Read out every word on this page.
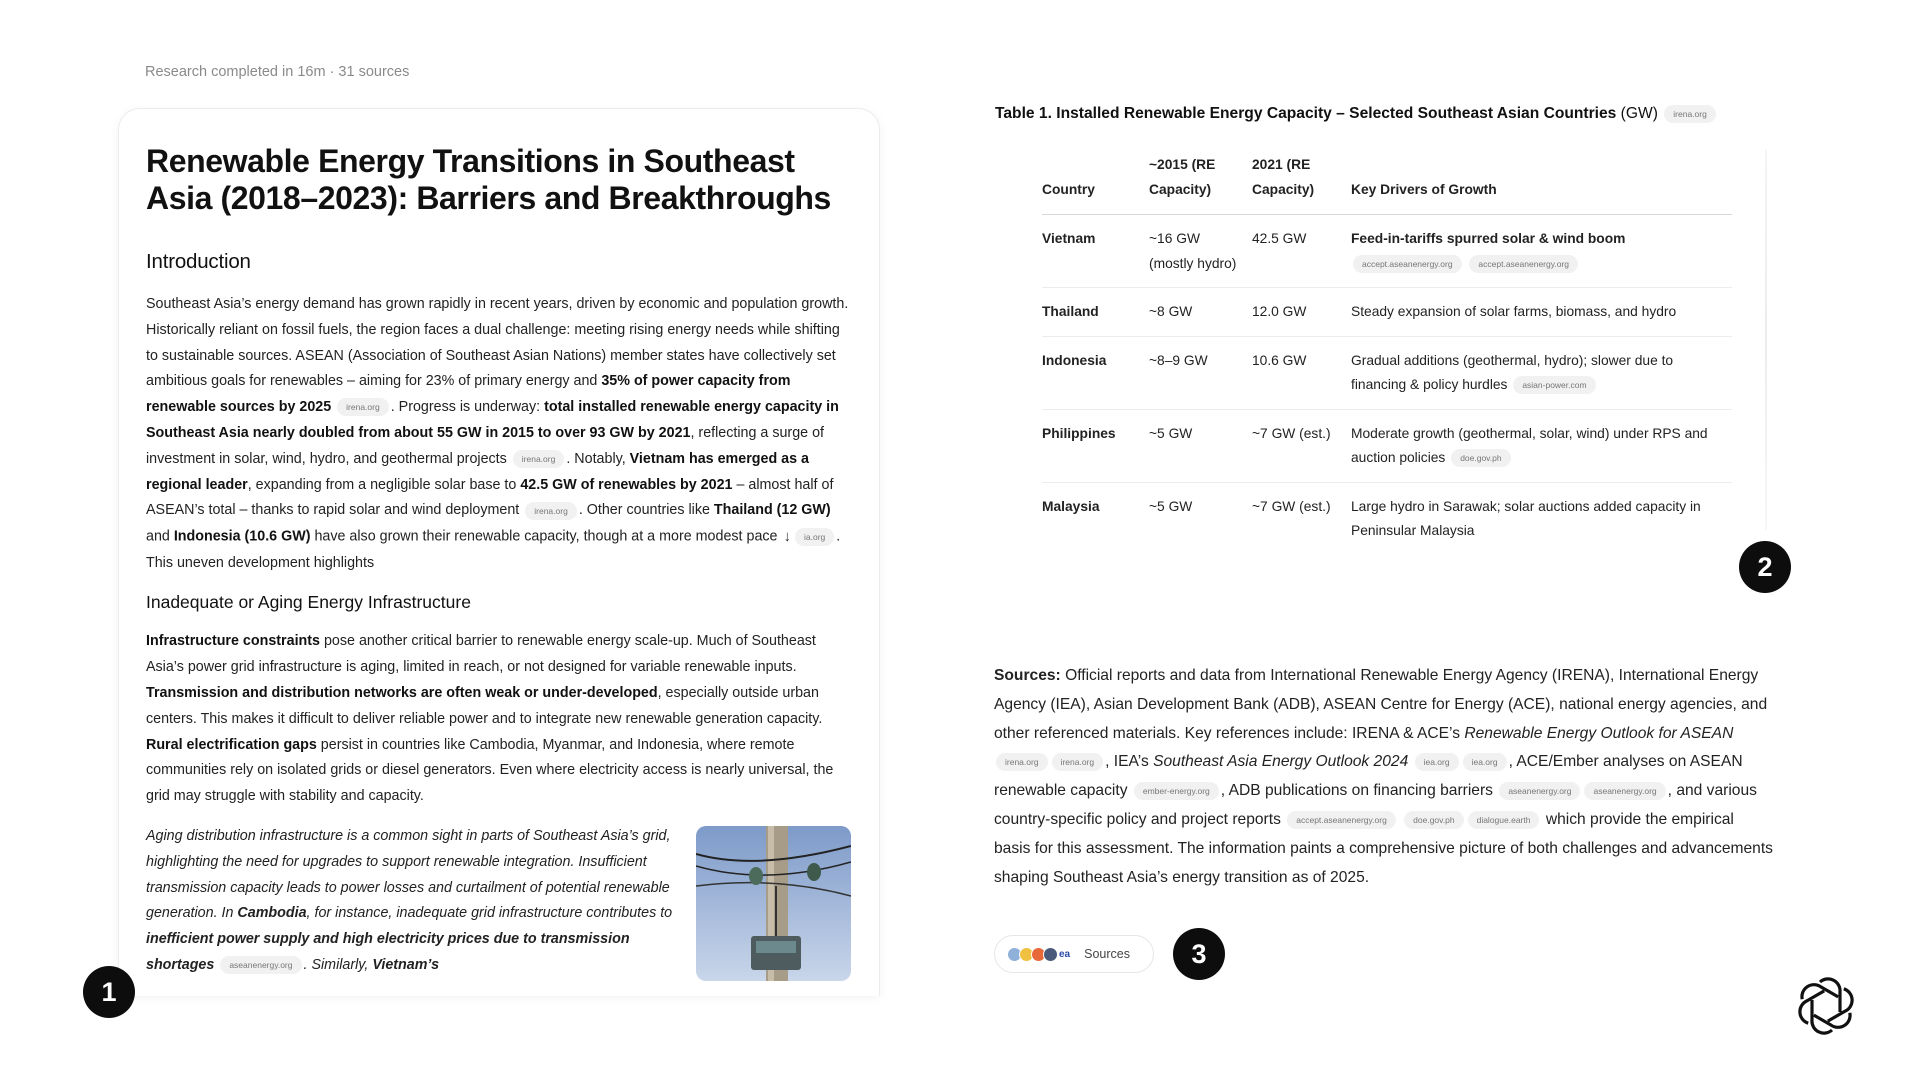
Research completed in 16m · 31 sources
Renewable Energy Transitions in Southeast Asia (2018–2023): Barriers and Breakthroughs
Introduction

Southeast Asia’s energy demand has grown rapidly in recent years, driven by economic and population growth. Historically reliant on fossil fuels, the region faces a dual challenge: meeting rising energy needs while shifting to sustainable sources. ASEAN (Association of Southeast Asian Nations) member states have collectively set ambitious goals for renewables – aiming for 23% of primary energy and 35% of power capacity from renewable sources by 2025 irena.org . Progress is underway: total installed renewable energy capacity in Southeast Asia nearly doubled from about 55 GW in 2015 to over 93 GW by 2021, reflecting a surge of investment in solar, wind, hydro, and geothermal projects irena.org . Notably, Vietnam has emerged as a regional leader, expanding from a negligible solar base to 42.5 GW of renewables by 2021 – almost half of ASEAN’s total – thanks to rapid solar and wind deployment irena.org . Other countries like Thailand (12 GW) and Indonesia (10.6 GW) have also grown their renewable capacity, though at a more modest pace ↓ ia.org . This uneven development highlights

Inadequate or Aging Energy Infrastructure

Infrastructure constraints pose another critical barrier to renewable energy scale-up. Much of Southeast Asia’s power grid infrastructure is aging, limited in reach, or not designed for variable renewable inputs. Transmission and distribution networks are often weak or under-developed, especially outside urban centers. This makes it difficult to deliver reliable power and to integrate new renewable generation capacity. Rural electrification gaps persist in countries like Cambodia, Myanmar, and Indonesia, where remote communities rely on isolated grids or diesel generators. Even where electricity access is nearly universal, the grid may struggle with stability and capacity.

Aging distribution infrastructure is a common sight in parts of Southeast Asia’s grid, highlighting the need for upgrades to support renewable integration. Insufficient transmission capacity leads to power losses and curtailment of potential renewable generation. In Cambodia, for instance, inadequate grid infrastructure contributes to inefficient power supply and high electricity prices due to transmission shortages aseanenergy.org . Similarly, Vietnam’s

1
Table 1. Installed Renewable Energy Capacity – Selected Southeast Asian Countries (GW) irena.org
Country	~2015 (RE Capacity)	2021 (RE Capacity)	Key Drivers of Growth
Vietnam	~16 GW (mostly hydro)	42.5 GW	Feed-in-tariffs spurred solar & wind boom
accept.aseanenergy.org accept.aseanenergy.org
Thailand	~8 GW	12.0 GW	Steady expansion of solar farms, biomass, and hydro
Indonesia	~8–9 GW	10.6 GW	Gradual additions (geothermal, hydro); slower due to financing & policy hurdles asian-power.com
Philippines	~5 GW	~7 GW (est.)	Moderate growth (geothermal, solar, wind) under RPS and auction policies doe.gov.ph
Malaysia	~5 GW	~7 GW (est.)	Large hydro in Sarawak; solar auctions added capacity in Peninsular Malaysia
2

Sources: Official reports and data from International Renewable Energy Agency (IRENA), International Energy Agency (IEA), Asian Development Bank (ADB), ASEAN Centre for Energy (ACE), national energy agencies, and other referenced materials. Key references include: IRENA & ACE’s Renewable Energy Outlook for ASEAN irena.org	irena.org , IEA’s Southeast Asia Energy Outlook 2024 iea.org	iea.org , ACE/Ember analyses on ASEAN renewable capacity ember-energy.org , ADB publications on financing barriers aseanenergy.org	aseanenergy.org , and various country-specific policy and project reports accept.aseanenergy.org	doe.gov.ph	dialogue.earth which provide the empirical basis for this assessment. The information paints a comprehensive picture of both challenges and advancements shaping Southeast Asia’s energy transition as of 2025.

ea Sources	3
